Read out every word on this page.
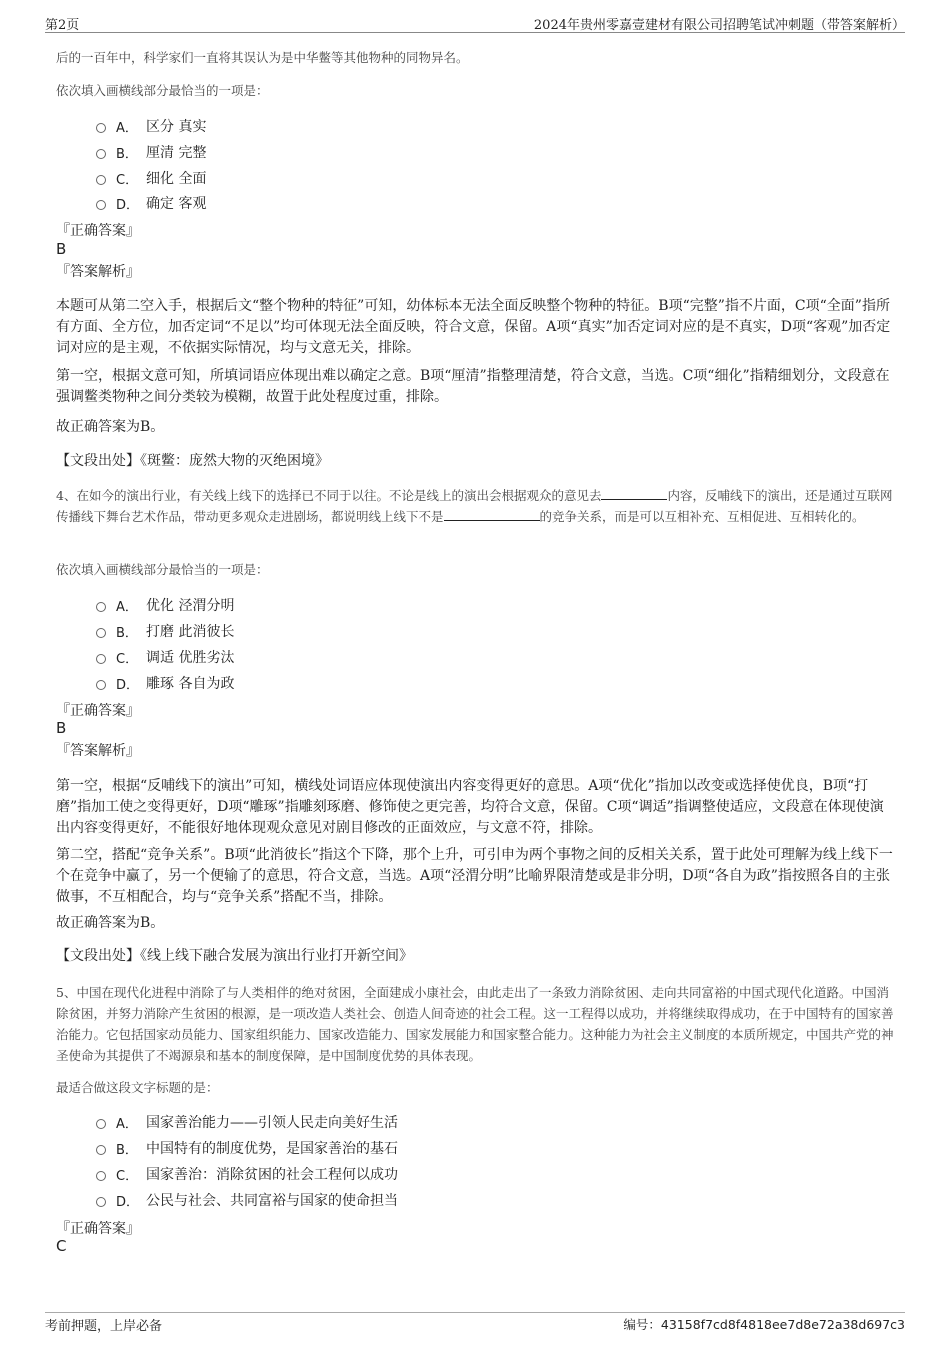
第2页	2024年贵州零嘉壹建材有限公司招聘笔试冲刺题（带答案解析）
后的一百年中，科学家们一直将其误认为是中华鳖等其他物种的同物异名。
依次填入画横线部分最恰当的一项是：
A． 区分 真实
B． 厘清 完整
C． 细化 全面
D． 确定 客观
『正确答案』
B
『答案解析』
本题可从第二空入手，根据后文“整个物种的特征”可知，幼体标本无法全面反映整个物种的特征。B项“完整”指不片面，C项“全面”指所有方面、全方位，加否定词“不足以”均可体现无法全面反映，符合文意，保留。A项“真实”加否定词对应的是不真实，D项“客观”加否定词对应的是主观，不依据实际情况，均与文意无关，排除。
第一空，根据文意可知，所填词语应体现出难以确定之意。B项“厘清”指整理清楚，符合文意，当选。C项“细化”指精细划分，文段意在强调鳖类物种之间分类较为模糊，故置于此处程度过重，排除。
故正确答案为B。
【文段出处】《斑鳖：庞然大物的灭绝困境》
4、在如今的演出行业，有关线上线下的选择已不同于以往。不论是线上的演出会根据观众的意见去	内容，反哺线下的演出，还是通过互联网传播线下舞台艺术作品，带动更多观众走进剧场，都说明线上线下不是	的竞争关系，而是可以互相补充、互相促进、互相转化的。
依次填入画横线部分最恰当的一项是：
A． 优化 泾渭分明
B． 打磨 此消彼长
C． 调适 优胜劣汰
D． 雕琢 各自为政
『正确答案』
B
『答案解析』
第一空，根据“反哺线下的演出”可知，横线处词语应体现使演出内容变得更好的意思。A项“优化”指加以改变或选择使优良，B项“打磨”指加工使之变得更好，D项“雕琢”指雕刻琢磨、修饰使之更完善，均符合文意，保留。C项“调适”指调整使适应，文段意在体现使演出内容变得更好，不能很好地体现观众意见对剧目修改的正面效应，与文意不符，排除。
第二空，搭配“竞争关系”。B项“此消彼长”指这个下降，那个上升，可引申为两个事物之间的反相关关系，置于此处可理解为线上线下一个在竞争中赢了，另一个便输了的意思，符合文意，当选。A项“泾渭分明”比喻界限清楚或是非分明，D项“各自为政”指按照各自的主张做事，不互相配合，均与“竞争关系”搭配不当，排除。
故正确答案为B。
【文段出处】《线上线下融合发展为演出行业打开新空间》
5、中国在现代化进程中消除了与人类相伴的绝对贫困，全面建成小康社会，由此走出了一条致力消除贫困、走向共同富裕的中国式现代化道路。中国消除贫困，并努力消除产生贫困的根源，是一项改造人类社会、创造人间奇迹的社会工程。这一工程得以成功，并将继续取得成功，在于中国特有的国家善治能力。它包括国家动员能力、国家组织能力、国家改造能力、国家发展能力和国家整合能力。这种能力为社会主义制度的本质所规定，中国共产党的神圣使命为其提供了不竭源泉和基本的制度保障，是中国制度优势的具体表现。
最适合做这段文字标题的是：
A． 国家善治能力——引领人民走向美好生活
B． 中国特有的制度优势，是国家善治的基石
C． 国家善治：消除贫困的社会工程何以成功
D． 公民与社会、共同富裕与国家的使命担当
『正确答案』
C
考前押题，上岸必备	编号：43158f7cd8f4818ee7d8e72a38d697c3
